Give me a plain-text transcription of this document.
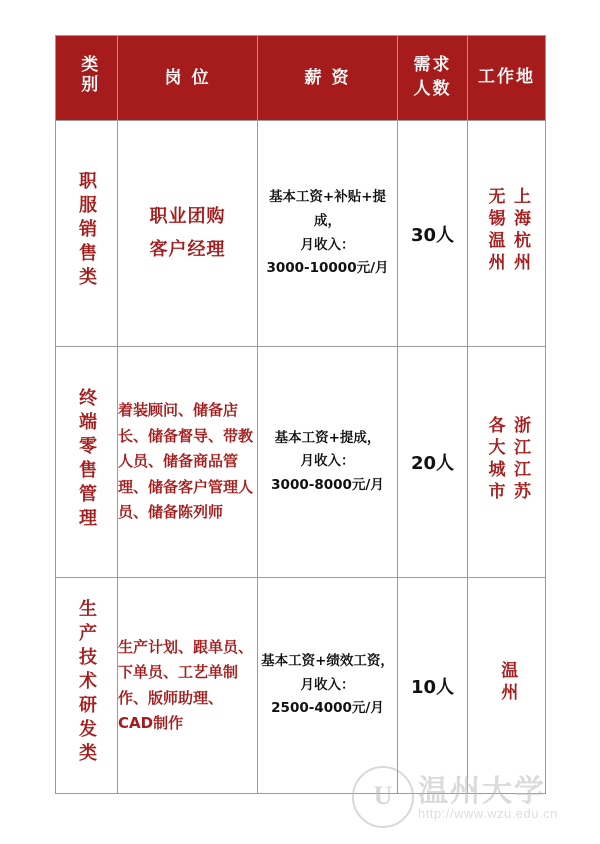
类别	岗 位	薪 资	需求人数	工作地
职服销售类	职业团购客户经理	基本工资+补贴+提成，
月收入：
3000-10000元/月	30人	上海杭州无锡温州
终端零售管理	着装顾问、储备店长、储备督导、带教人员、储备商品管理、储备客户管理人员、储备陈列师	基本工资+提成，
月收入：
3000-8000元/月	20人	浙江江苏各大城市
生产技术研发类	生产计划、跟单员、下单员、工艺单制作、版师助理、CAD制作	基本工资+绩效工资，
月收入：
2500-4000元/月	10人	温州
U 温州大学
http://www.wzu.edu.cn
